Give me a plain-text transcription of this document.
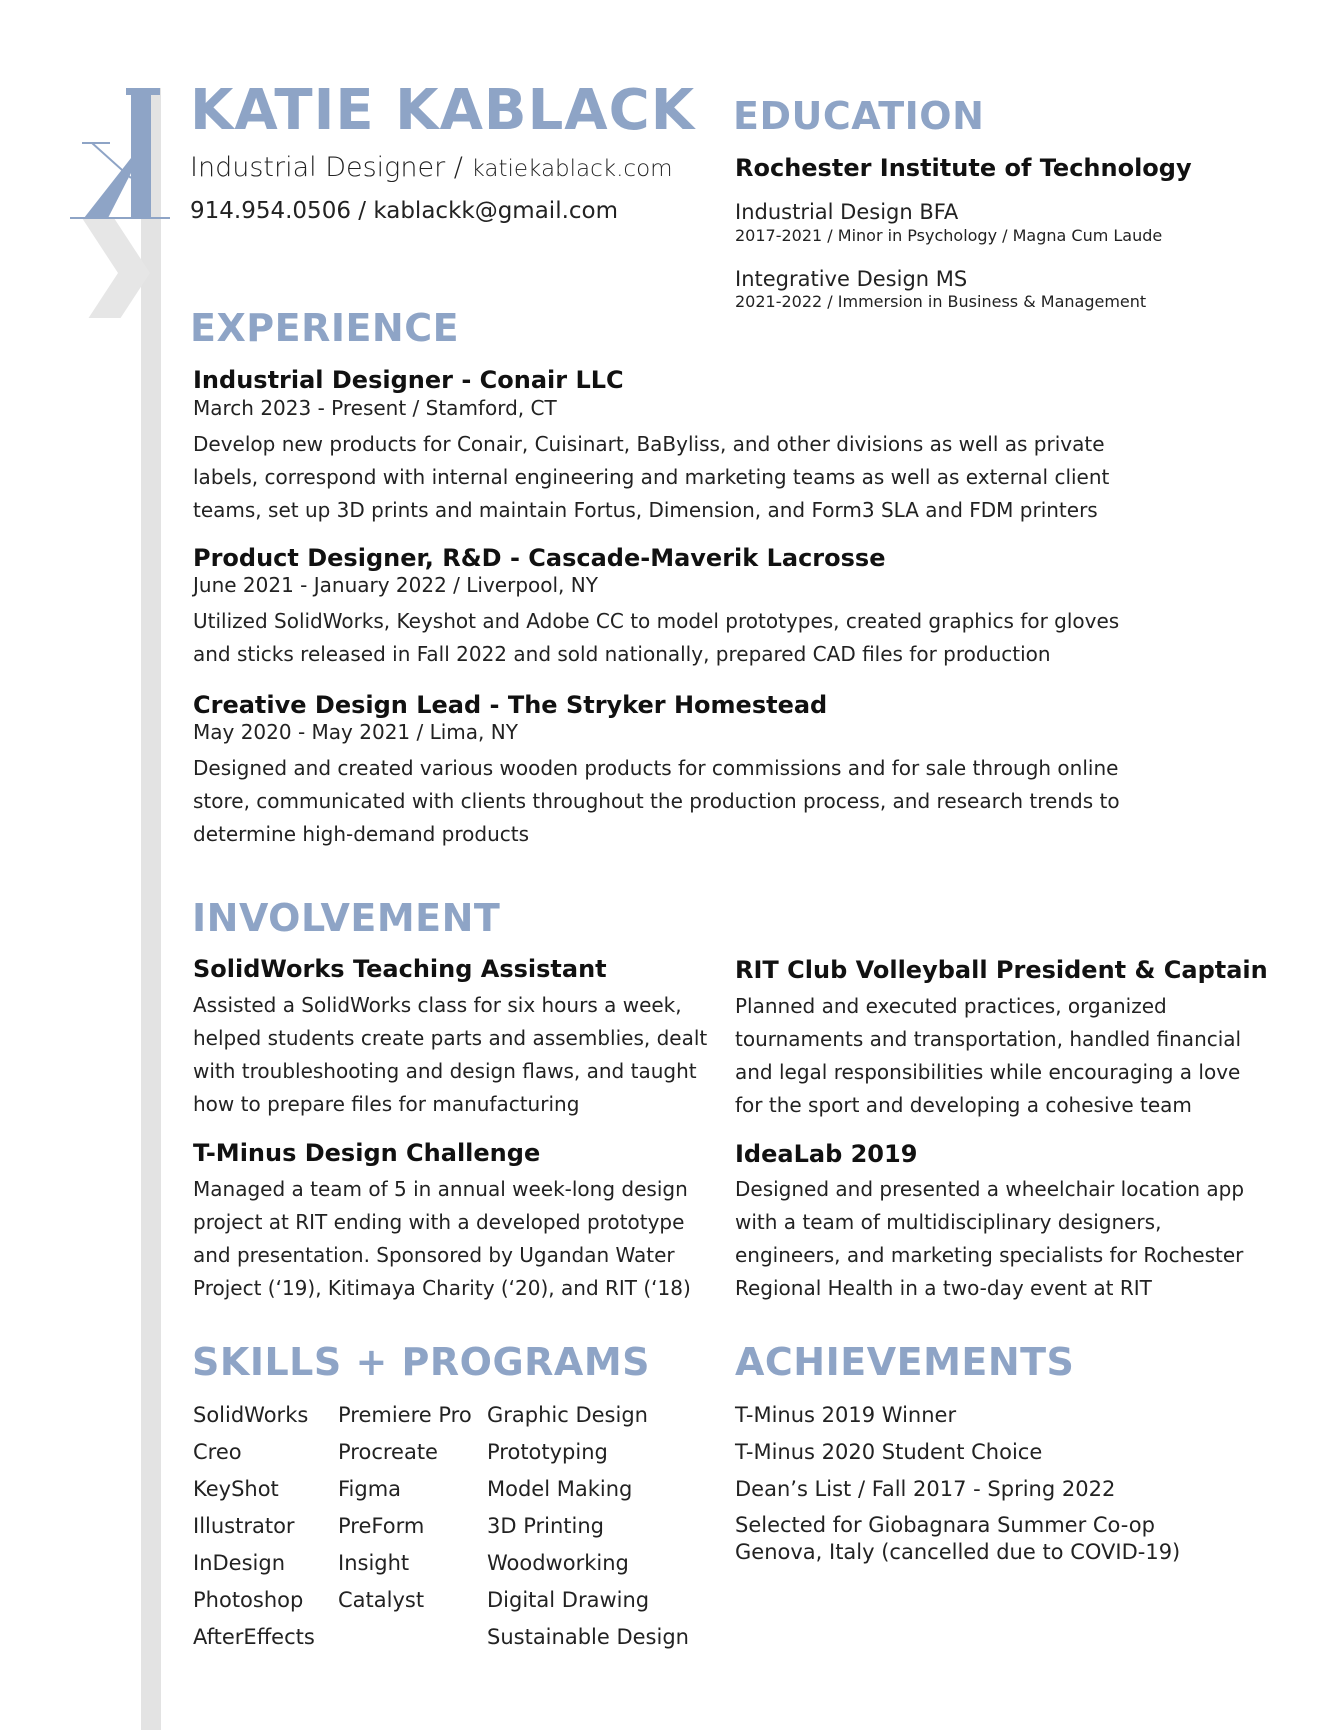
KATIE KABLACK
Industrial Designer / katiekablack.com
914.954.0506 / kablackk@gmail.com
EDUCATION
Rochester Institute of Technology
Industrial Design BFA
2017-2021 / Minor in Psychology / Magna Cum Laude
Integrative Design MS
2021-2022 / Immersion in Business & Management
EXPERIENCE
Industrial Designer - Conair LLC
March 2023 - Present / Stamford, CT
Develop new products for Conair, Cuisinart, BaByliss, and other divisions as well as private labels, correspond with internal engineering and marketing teams as well as external client teams, set up 3D prints and maintain Fortus, Dimension, and Form3 SLA and FDM printers
Product Designer, R&D - Cascade-Maverik Lacrosse
June 2021 - January 2022 / Liverpool, NY
Utilized SolidWorks, Keyshot and Adobe CC to model prototypes, created graphics for gloves and sticks released in Fall 2022 and sold nationally, prepared CAD files for production
Creative Design Lead - The Stryker Homestead
May 2020 - May 2021 / Lima, NY
Designed and created various wooden products for commissions and for sale through online store, communicated with clients throughout the production process, and research trends to determine high-demand products
INVOLVEMENT
SolidWorks Teaching Assistant
Assisted a SolidWorks class for six hours a week, helped students create parts and assemblies, dealt with troubleshooting and design flaws, and taught how to prepare files for manufacturing
RIT Club Volleyball President & Captain
Planned and executed practices, organized tournaments and transportation, handled financial and legal responsibilities while encouraging a love for the sport and developing a cohesive team
T-Minus Design Challenge
Managed a team of 5 in annual week-long design project at RIT ending with a developed prototype and presentation. Sponsored by Ugandan Water Project (‘19), Kitimaya Charity (‘20), and RIT (‘18)
IdeaLab 2019
Designed and presented a wheelchair location app with a team of multidisciplinary designers, engineers, and marketing specialists for Rochester Regional Health in a two-day event at RIT
SKILLS + PROGRAMS
SolidWorks
Creo
KeyShot
Illustrator
InDesign
Photoshop
AfterEffects
Premiere Pro
Procreate
Figma
PreForm
Insight
Catalyst
Graphic Design
Prototyping
Model Making
3D Printing
Woodworking
Digital Drawing
Sustainable Design
ACHIEVEMENTS
T-Minus 2019 Winner
T-Minus 2020 Student Choice
Dean’s List / Fall 2017 - Spring 2022
Selected for Giobagnara Summer Co-op
Genova, Italy (cancelled due to COVID-19)
